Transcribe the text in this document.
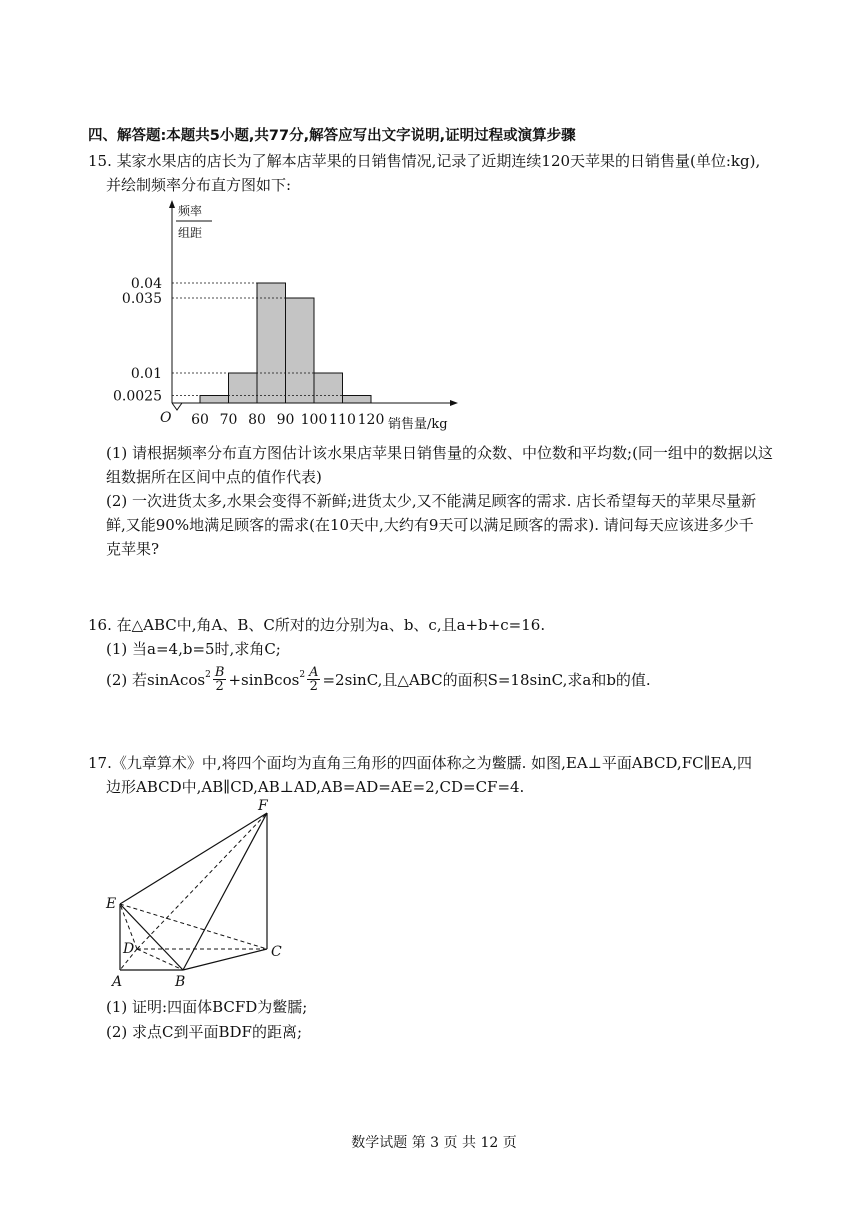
四、解答题:本题共5小题,共77分,解答应写出文字说明,证明过程或演算步骤
15. 某家水果店的店长为了解本店苹果的日销售情况,记录了近期连续120天苹果的日销售量(单位:kg),
并绘制频率分布直方图如下:
0.0025
0.01
0.035
0.04
60 70 80 90 100 110 120
O	销售量/kg
频率
组距
(1) 请根据频率分布直方图估计该水果店苹果日销售量的众数、中位数和平均数;(同一组中的数据以这
组数据所在区间中点的值作代表)
(2) 一次进货太多,水果会变得不新鲜;进货太少,又不能满足顾客的需求. 店长希望每天的苹果尽量新
鲜,又能90%地满足顾客的需求(在10天中,大约有9天可以满足顾客的需求). 请问每天应该进多少千
克苹果?
16. 在△ABC中,角A、B、C所对的边分别为a、b、c,且a+b+c=16.
(1) 当a=4,b=5时,求角C;
(2) 若sinAcos$^2$ B
2 +sinBcos$^2$ $\frac{A}{2} =2\sin C$,且△ABC的面积S=18sinC,求a和b的值.
17.《九章算术》中,将四个面均为直角三角形的四面体称之为鳖臑. 如图,EA⊥平面ABCD,FC∥EA,四
边形ABCD中,AB∥CD,AB⊥AD,AB=AD=AE=2,CD=CF=4.
F
E
D	C
A	B
(1) 证明:四面体BCFD为鳖臑;
(2) 求点C到平面BDF的距离;
数学试题 第 3 页 共 12 页
